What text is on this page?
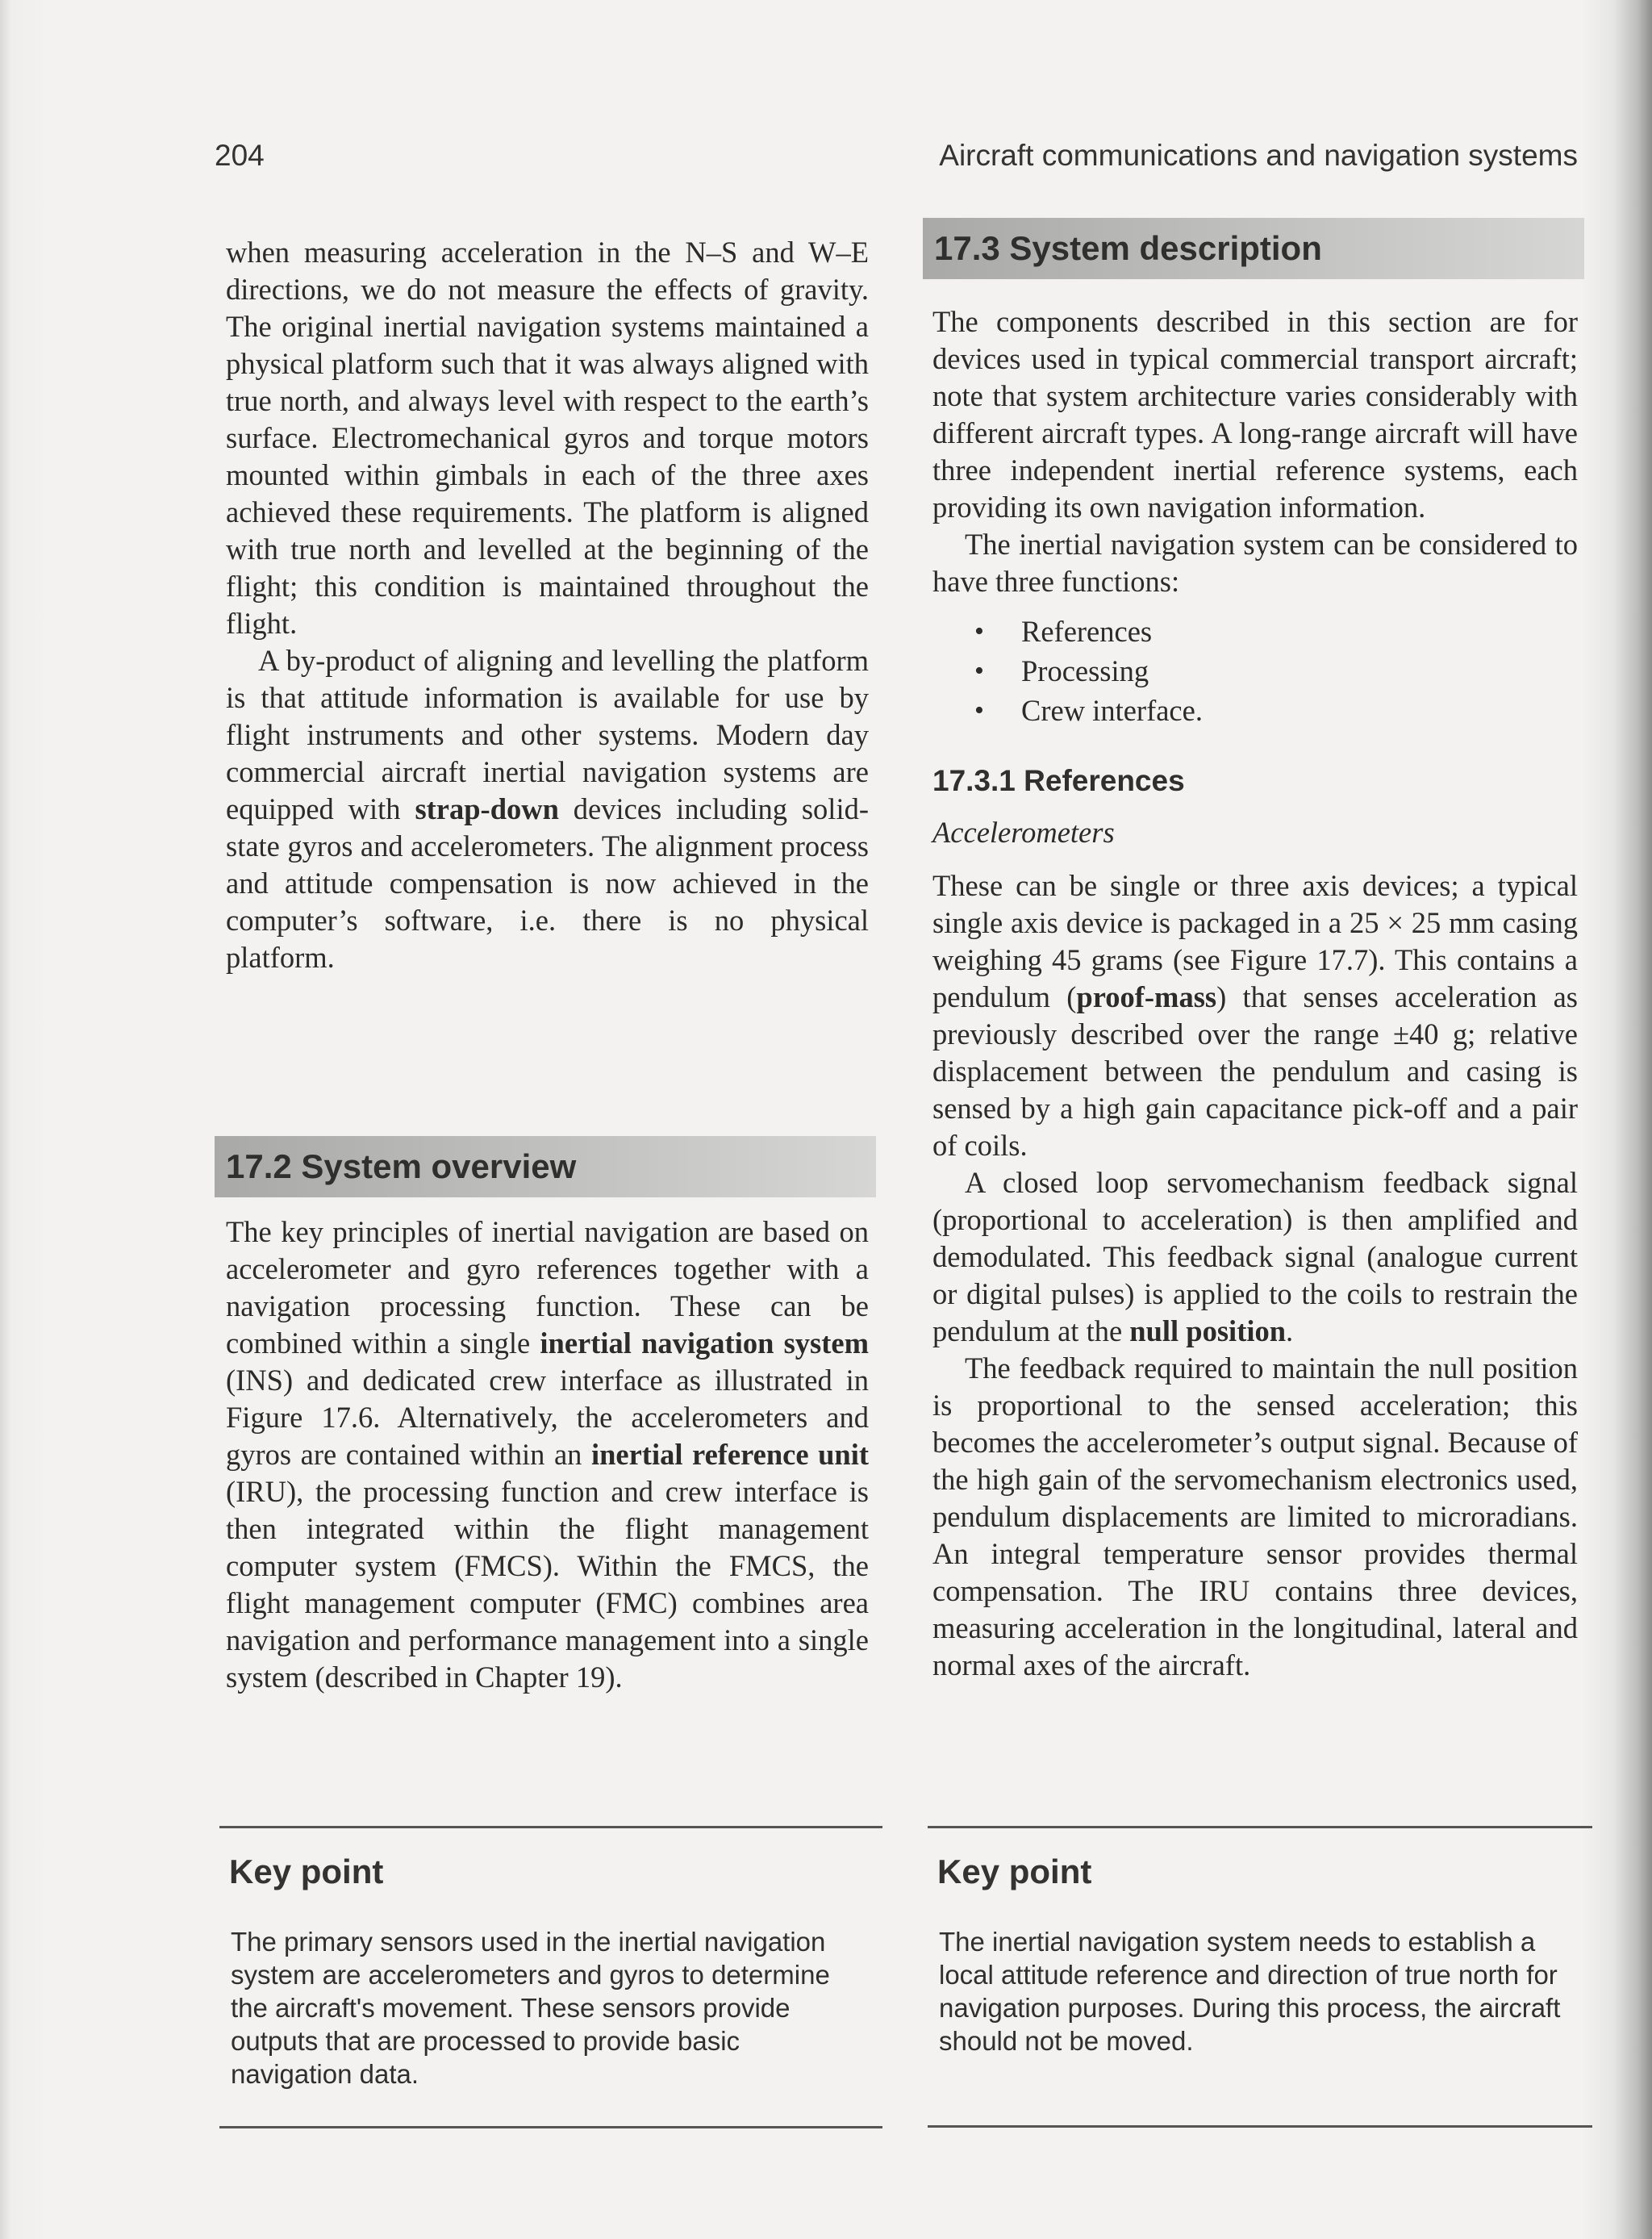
204	Aircraft communications and navigation systems

when measuring acceleration in the N–S and W–E directions, we do not measure the effects of gravity. The original inertial navigation systems maintained a physical platform such that it was always aligned with true north, and always level with respect to the earth’s surface. Electromechanical gyros and torque motors mounted within gimbals in each of the three axes achieved these requirements. The platform is aligned with true north and levelled at the beginning of the flight; this condition is maintained throughout the flight.

A by-product of aligning and levelling the platform is that attitude information is available for use by flight instruments and other systems. Modern day commercial aircraft inertial navigation systems are equipped with strap-down devices including solid-state gyros and accelerometers. The alignment process and attitude compensation is now achieved in the computer’s software, i.e. there is no physical platform.

17.2 System overview

The key principles of inertial navigation are based on accelerometer and gyro references together with a navigation processing function. These can be combined within a single inertial navigation system (INS) and dedicated crew interface as illustrated in Figure 17.6. Alternatively, the accelerometers and gyros are contained within an inertial reference unit (IRU), the processing function and crew interface is then integrated within the flight management computer system (FMCS). Within the FMCS, the flight management computer (FMC) combines area navigation and performance management into a single system (described in Chapter 19).

17.3 System description

The components described in this section are for devices used in typical commercial transport aircraft; note that system architecture varies considerably with different aircraft types. A long-range aircraft will have three independent inertial reference systems, each providing its own navigation information.

The inertial navigation system can be considered to have three functions:

• References
• Processing
• Crew interface.

17.3.1 References

Accelerometers

These can be single or three axis devices; a typical single axis device is packaged in a 25 × 25 mm casing weighing 45 grams (see Figure 17.7). This contains a pendulum (proof-mass) that senses acceleration as previously described over the range ±40 g; relative displacement between the pendulum and casing is sensed by a high gain capacitance pick-off and a pair of coils.

A closed loop servomechanism feedback signal (proportional to acceleration) is then amplified and demodulated. This feedback signal (analogue current or digital pulses) is applied to the coils to restrain the pendulum at the null position.

The feedback required to maintain the null position is proportional to the sensed acceleration; this becomes the accelerometer’s output signal. Because of the high gain of the servomechanism electronics used, pendulum displacements are limited to microradians. An integral temperature sensor provides thermal compensation. The IRU contains three devices, measuring acceleration in the longitudinal, lateral and normal axes of the aircraft.

Key point
The primary sensors used in the inertial navigation system are accelerometers and gyros to determine the aircraft's movement. These sensors provide outputs that are processed to provide basic navigation data.
Key point
The inertial navigation system needs to establish a local attitude reference and direction of true north for navigation purposes. During this process, the aircraft should not be moved.
